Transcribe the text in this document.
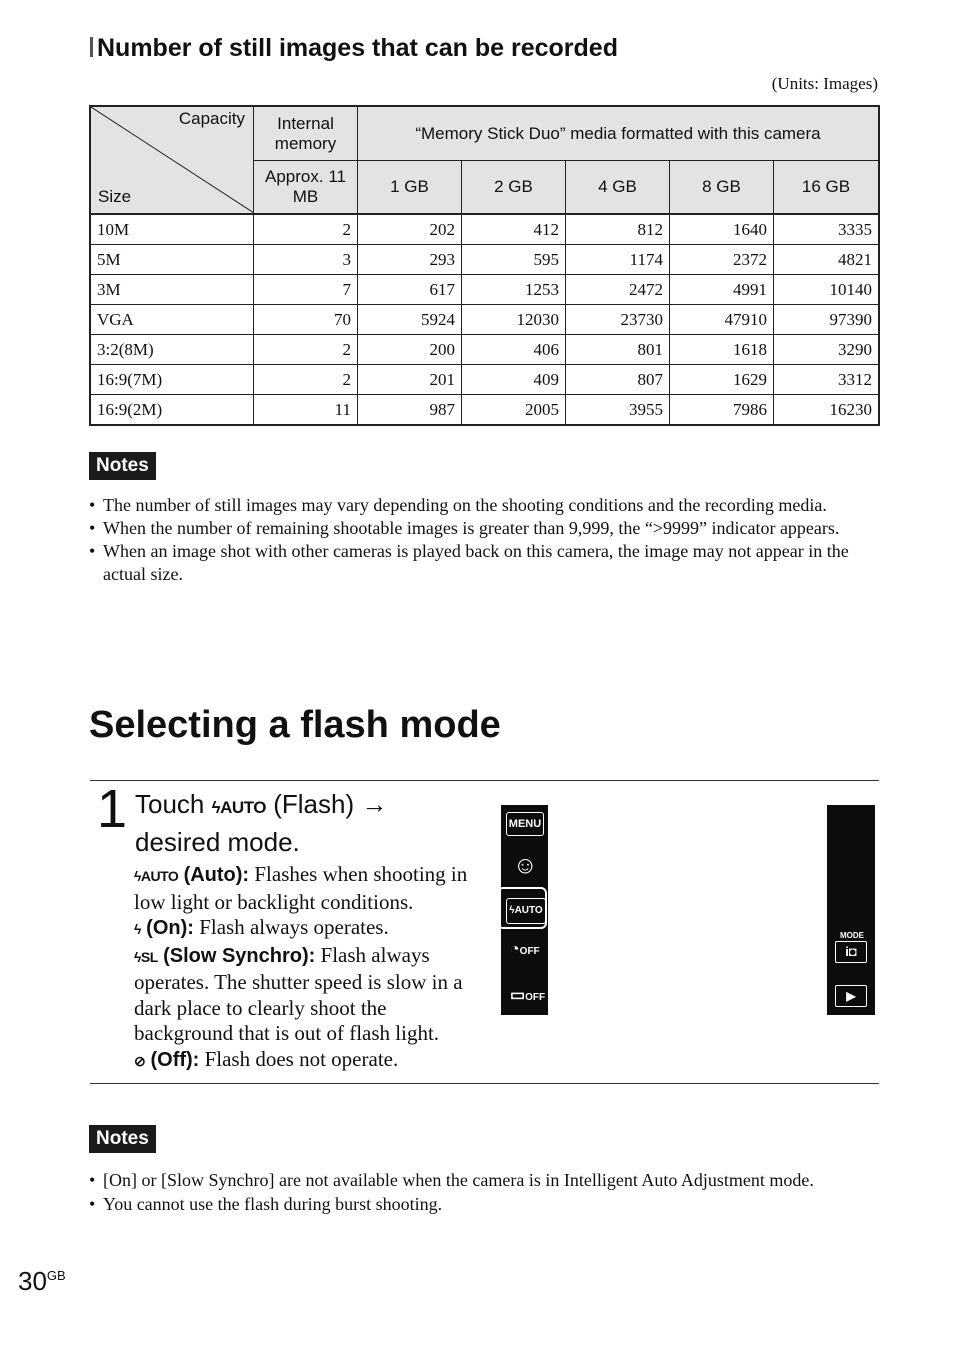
Number of still images that can be recorded
(Units: Images)
Capacity
Size	Internal memory	“Memory Stick Duo” media formatted with this camera				
	Approx. 11 MB	1 GB	2 GB	4 GB	8 GB	16 GB
10M	2	202	412	812	1640	3335
5M	3	293	595	1174	2372	4821
3M	7	617	1253	2472	4991	10140
VGA	70	5924	12030	23730	47910	97390
3:2(8M)	2	200	406	801	1618	3290
16:9(7M)	2	201	409	807	1629	3312
16:9(2M)	11	987	2005	3955	7986	16230
Notes
• The number of still images may vary depending on the shooting conditions and the recording media.
• When the number of remaining shootable images is greater than 9,999, the “>9999” indicator appears.
• When an image shot with other cameras is played back on this camera, the image may not appear in the actual size.
Selecting a flash mode
1 Touch ϟAUTO (Flash) →
desired mode.
ϟAUTO (Auto): Flashes when shooting in low light or backlight conditions.
ϟ (On): Flash always operates.
ϟSL (Slow Synchro): Flash always operates. The shutter speed is slow in a dark place to clearly shoot the background that is out of flash light.
⊘ (Off): Flash does not operate.
MENU
☺
ϟAUTO
◔OFF
▭OFF
MODE
i◘
▶
Notes
• [On] or [Slow Synchro] are not available when the camera is in Intelligent Auto Adjustment mode.
• You cannot use the flash during burst shooting.
$30^{GB}$
